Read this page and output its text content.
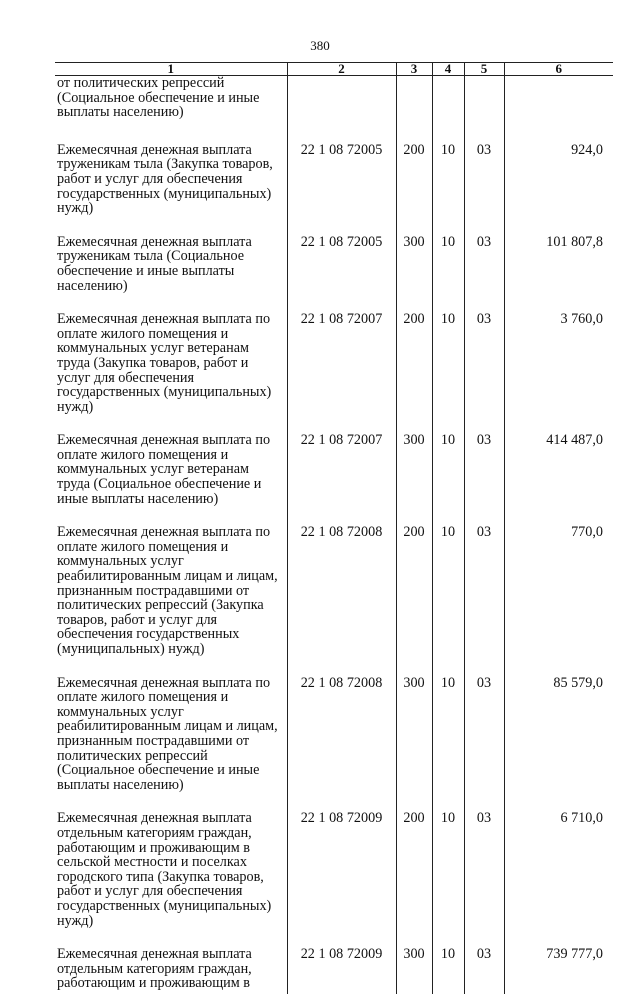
380
1	2	3	4	5	6
от политических репрессий (Социальное обеспечение и иные выплаты населению)					
Ежемесячная денежная выплата труженикам тыла (Закупка товаров, работ и услуг для обеспечения государственных (муниципальных) нужд)	22 1 08 72005	200	10	03	924,0
Ежемесячная денежная выплата труженикам тыла (Социальное обеспечение и иные выплаты населению)	22 1 08 72005	300	10	03	101 807,8
Ежемесячная денежная выплата по оплате жилого помещения и коммунальных услуг ветеранам труда (Закупка товаров, работ и услуг для обеспечения государственных (муниципальных) нужд)	22 1 08 72007	200	10	03	3 760,0
Ежемесячная денежная выплата по оплате жилого помещения и коммунальных услуг ветеранам труда (Социальное обеспечение и иные выплаты населению)	22 1 08 72007	300	10	03	414 487,0
Ежемесячная денежная выплата по оплате жилого помещения и коммунальных услуг реабилитированным лицам и лицам, признанным пострадавшими от политических репрессий (Закупка товаров, работ и услуг для обеспечения государственных (муниципальных) нужд)	22 1 08 72008	200	10	03	770,0
Ежемесячная денежная выплата по оплате жилого помещения и коммунальных услуг реабилитированным лицам и лицам, признанным пострадавшими от политических репрессий (Социальное обеспечение и иные выплаты населению)	22 1 08 72008	300	10	03	85 579,0
Ежемесячная денежная выплата отдельным категориям граждан, работающим и проживающим в сельской местности и поселках городского типа (Закупка товаров, работ и услуг для обеспечения государственных (муниципальных) нужд)	22 1 08 72009	200	10	03	6 710,0
Ежемесячная денежная выплата отдельным категориям граждан, работающим и проживающим в	22 1 08 72009	300	10	03	739 777,0
